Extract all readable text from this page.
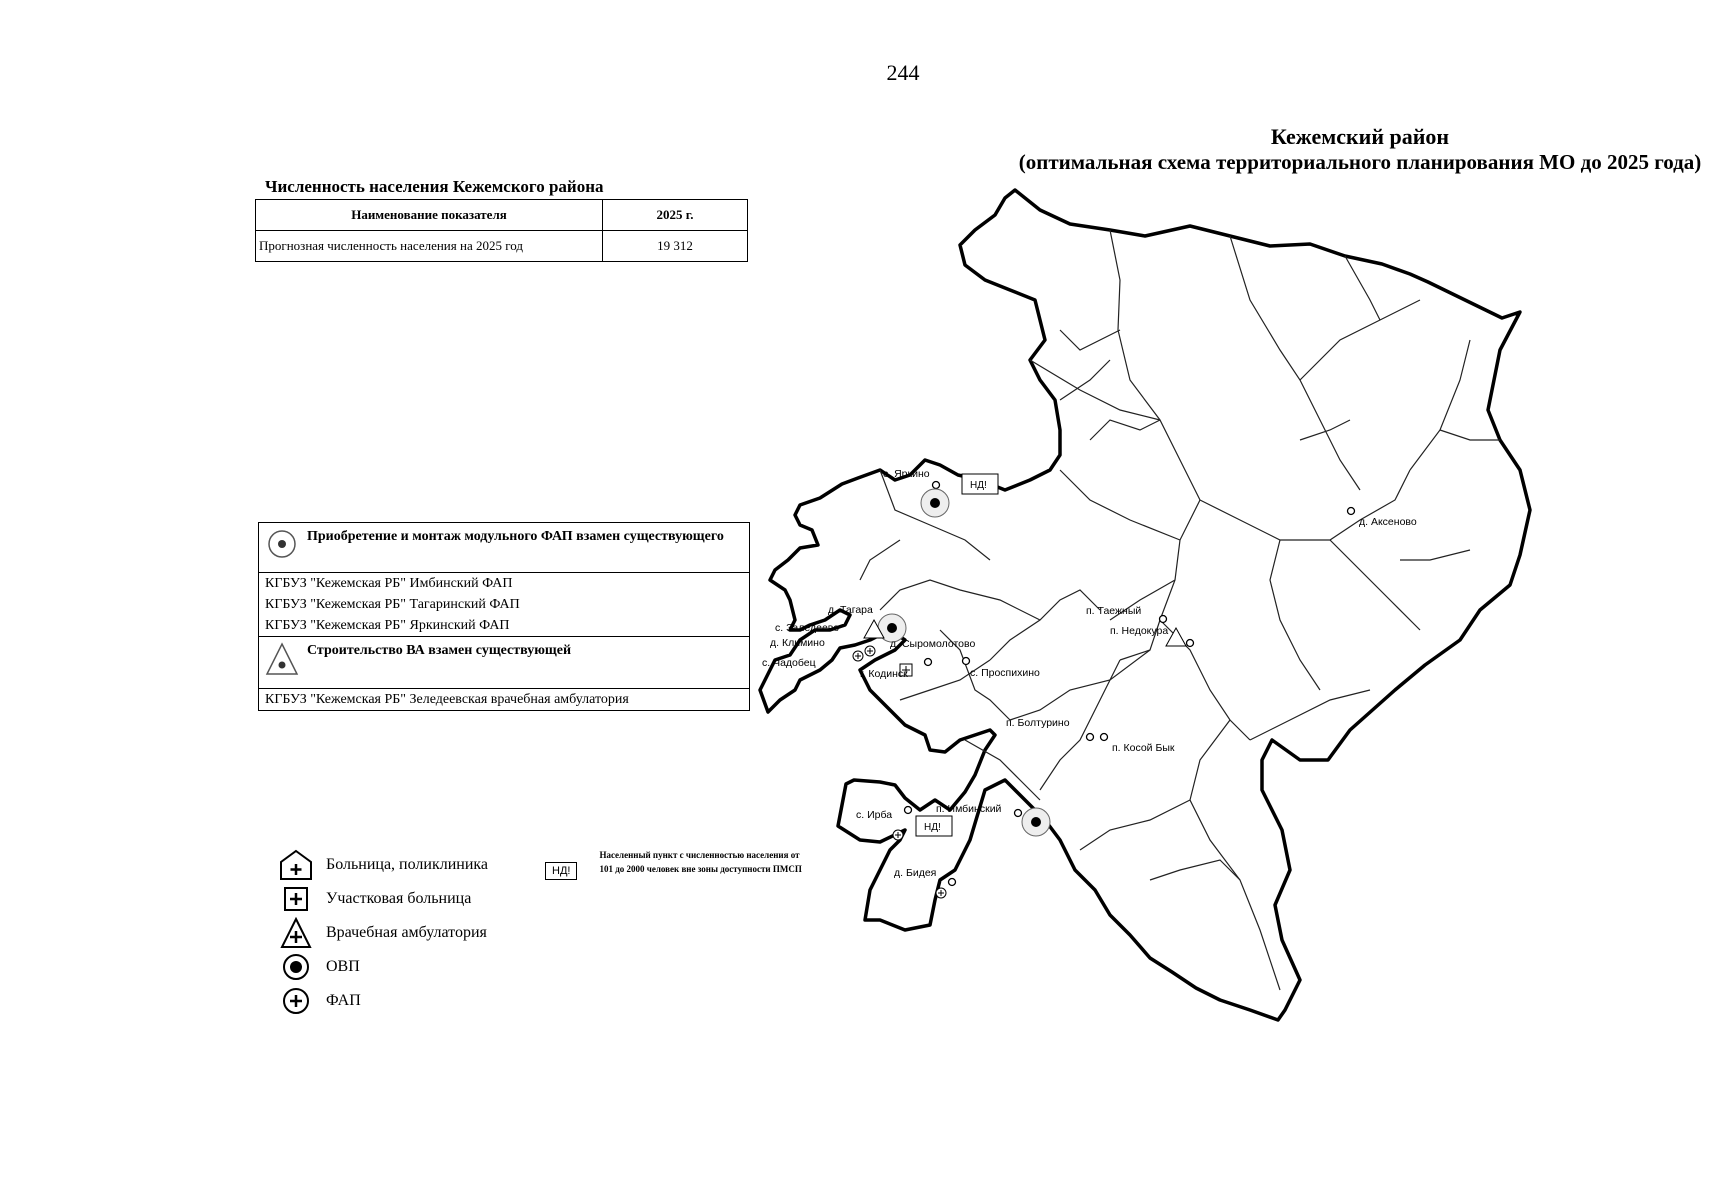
244
Кежемский район
(оптимальная схема территориального планирования МО до 2025 года)
Численность населения Кежемского района
Наименование показателя	2025 г.
Прогнозная численность населения на 2025 год	19 312
Приобретение и монтаж модульного ФАП взамен существующего
КГБУЗ "Кежемская РБ" Имбинский ФАП
КГБУЗ "Кежемская РБ" Тагаринский ФАП
КГБУЗ "Кежемская РБ" Яркинский ФАП
Строительство ВА взамен существующей
КГБУЗ "Кежемская РБ" Зеледеевская врачебная амбулатория
Больница, поликлиника
Участковая больница
Врачебная амбулатория
ОВП
ФАП
НД!
Населенный пункт с численностью населения от 101 до 2000 человек вне зоны доступности ПМСП
НД!
НД!
с. Яркино
д. Аксеново
п. Таежный
п. Недокура
д. Тагара
с. Заледеево
д. Климино
с. Чадобец
г. Кодинск
д. Сыромолотово
с. Проспихино
п. Болтурино
п. Косой Бык
п. Имбинский
с. Ирба
д. Бидея
